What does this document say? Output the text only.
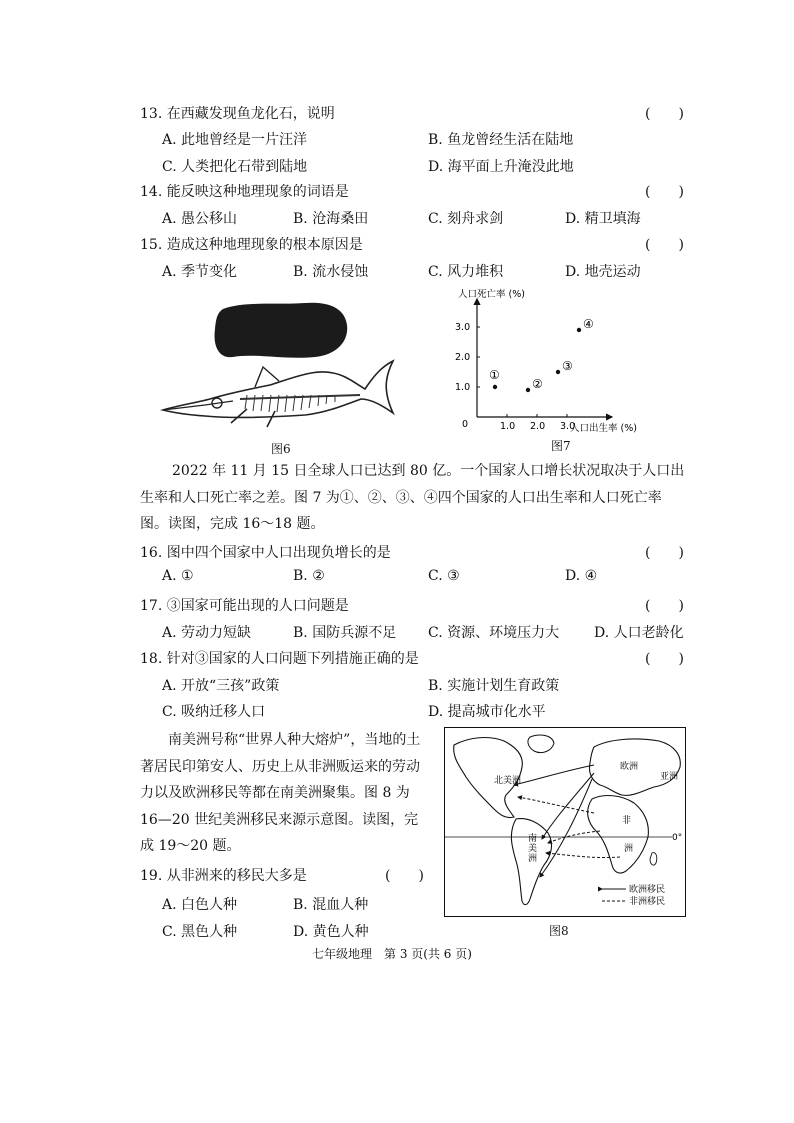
13. 在西藏发现鱼龙化石，说明	(　　)
A. 此地曾经是一片汪洋	B. 鱼龙曾经生活在陆地
C. 人类把化石带到陆地	D. 海平面上升淹没此地
14. 能反映这种地理现象的词语是	(　　)
A. 愚公移山	B. 沧海桑田	C. 刻舟求剑	D. 精卫填海
15. 造成这种地理现象的根本原因是	(　　)
A. 季节变化	B. 流水侵蚀	C. 风力堆积	D. 地壳运动
图6
人口死亡率 (%)
人口出生率 (%)
0	1.0 2.0 3.0
1.0
2.0
3.0
①
②
③
④
图7
2022 年 11 月 15 日全球人口已达到 80 亿。一个国家人口增长状况取决于人口出生率和人口死亡率之差。图 7 为①、②、③、④四个国家的人口出生率和人口死亡率图。读图，完成 16～18 题。
16. 图中四个国家中人口出现负增长的是	(　　)
A. ①	B. ②	C. ③	D. ④
17. ③国家可能出现的人口问题是	(　　)
A. 劳动力短缺	B. 国防兵源不足 C. 资源、环境压力大 D. 人口老龄化
18. 针对③国家的人口问题下列措施正确的是	(　　)
A. 开放“三孩”政策	B. 实施计划生育政策
C. 吸纳迁移人口	D. 提高城市化水平
南美洲号称“世界人种大熔炉”，当地的土著居民印第安人、历史上从非洲贩运来的劳动力以及欧洲移民等都在南美洲聚集。图 8 为 16—20 世纪美洲移民来源示意图。读图，完成 19～20 题。
19. 从非洲来的移民大多是	(　　)
A. 白色人种	B. 混血人种
C. 黑色人种	D. 黄色人种
0°
北美洲
欧洲
亚洲
非
洲
南
美
洲
欧洲移民
非洲移民
图8
七年级地理　第 3 页(共 6 页)
